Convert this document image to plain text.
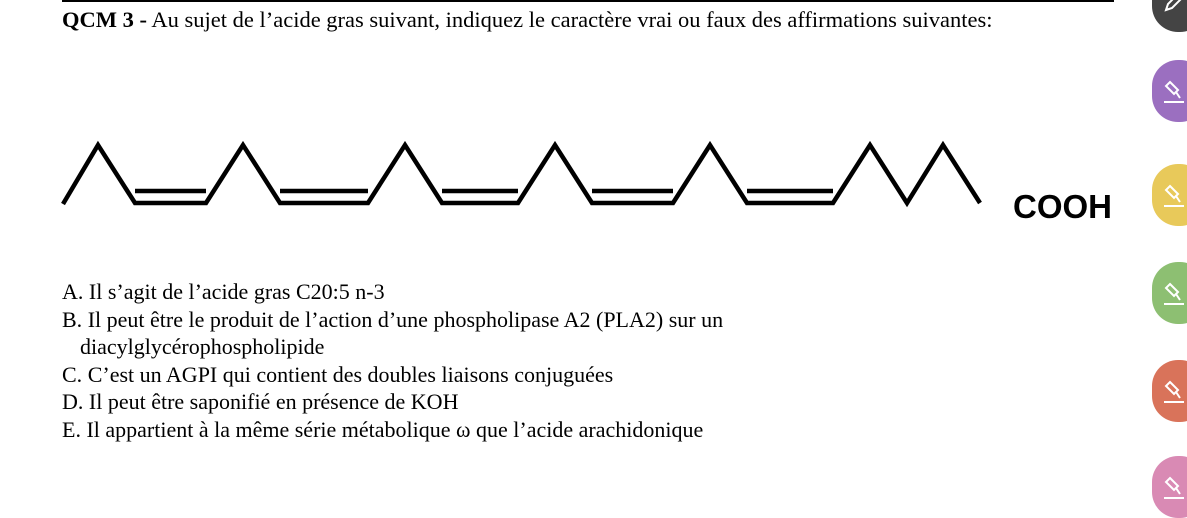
QCM 3 - Au sujet de l’acide gras suivant, indiquez le caractère vrai ou faux des affirmations suivantes:
COOH
A. Il s’agit de l’acide gras C20:5 n-3
B. Il peut être le produit de l’action d’une phospholipase A2 (PLA2) sur un
diacylglycérophospholipide
C. C’est un AGPI qui contient des doubles liaisons conjuguées
D. Il peut être saponifié en présence de KOH
E. Il appartient à la même série métabolique ω que l’acide arachidonique
